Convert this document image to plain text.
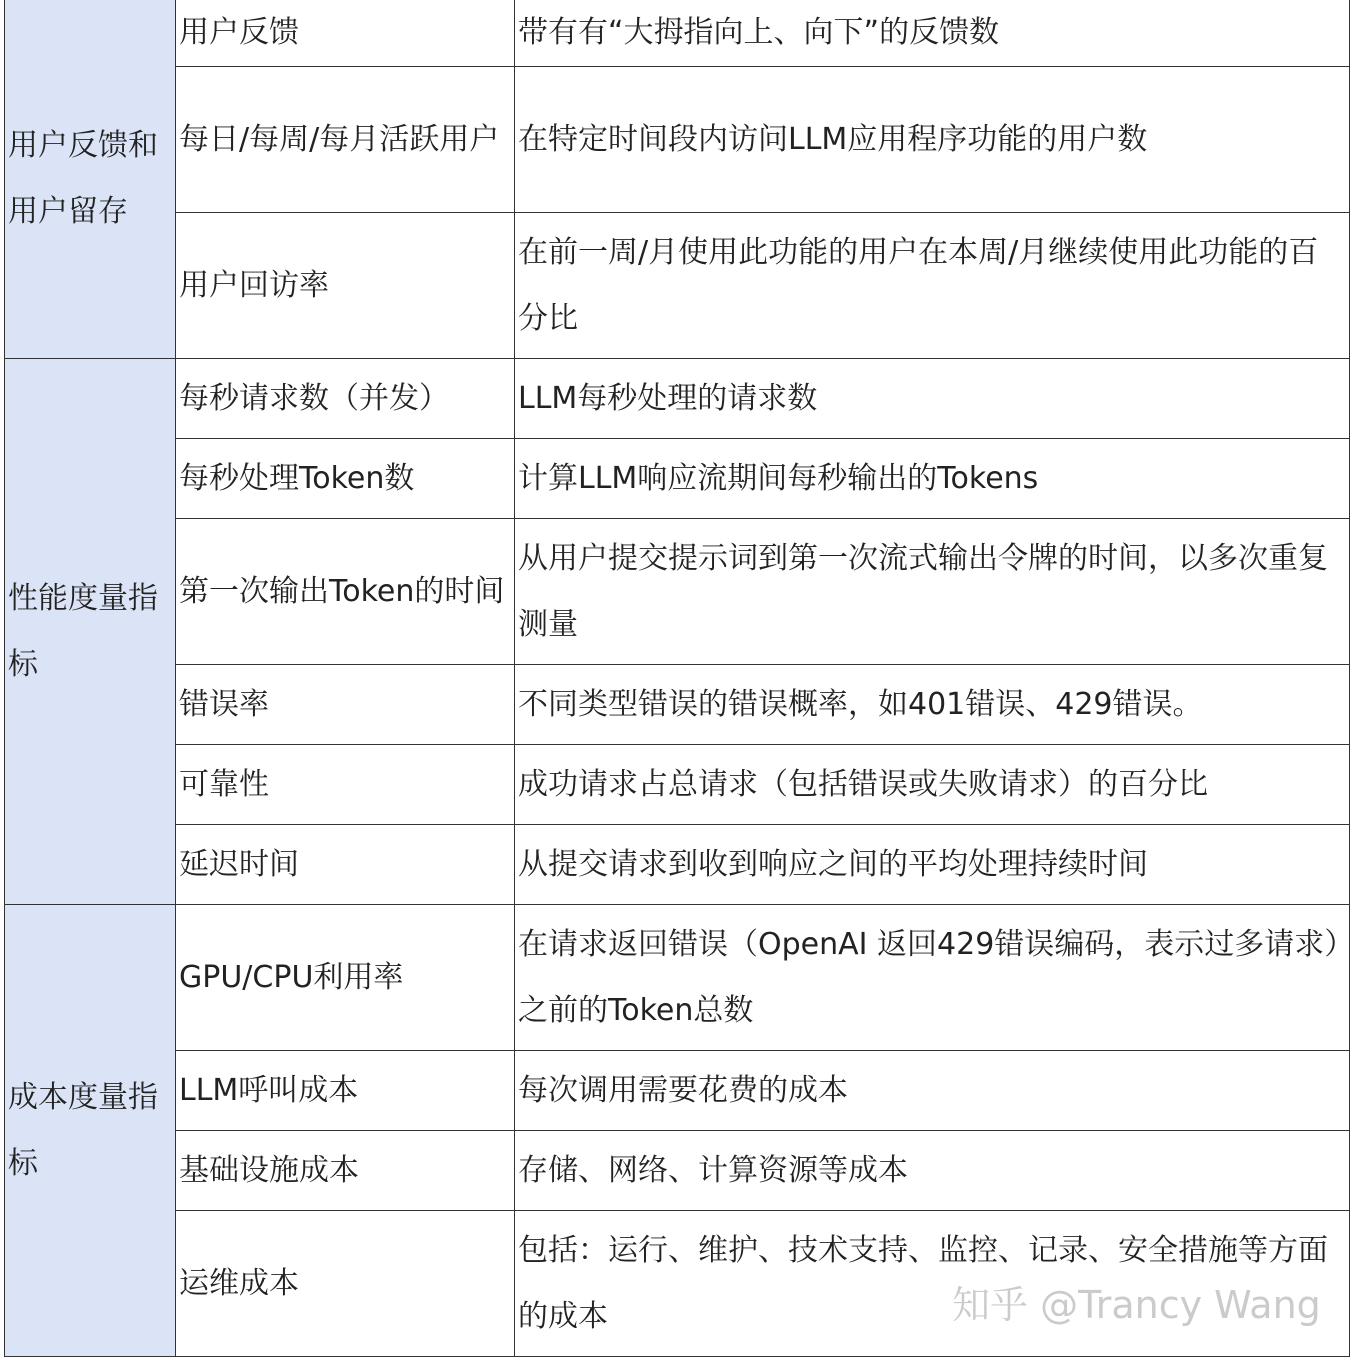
用户反馈和用户留存	用户反馈	带有有“大拇指向上、向下”的反馈数
	每日/每周/每月活跃用户	在特定时间段内访问LLM应用程序功能的用户数
	用户回访率	在前一周/月使用此功能的用户在本周/月继续使用此功能的百分比
性能度量指标	每秒请求数（并发）	LLM每秒处理的请求数
	每秒处理Token数	计算LLM响应流期间每秒输出的Tokens
	第一次输出Token的时间	从用户提交提示词到第一次流式输出令牌的时间，以多次重复测量
	错误率	不同类型错误的错误概率，如401错误、429错误。
	可靠性	成功请求占总请求（包括错误或失败请求）的百分比
	延迟时间	从提交请求到收到响应之间的平均处理持续时间
成本度量指标	GPU/CPU利用率	在请求返回错误（OpenAI 返回429错误编码，表示过多请求）之前的Token总数
	LLM呼叫成本	每次调用需要花费的成本
	基础设施成本	存储、网络、计算资源等成本
	运维成本	包括：运行、维护、技术支持、监控、记录、安全措施等方面的成本	知乎 @Trancy Wang
